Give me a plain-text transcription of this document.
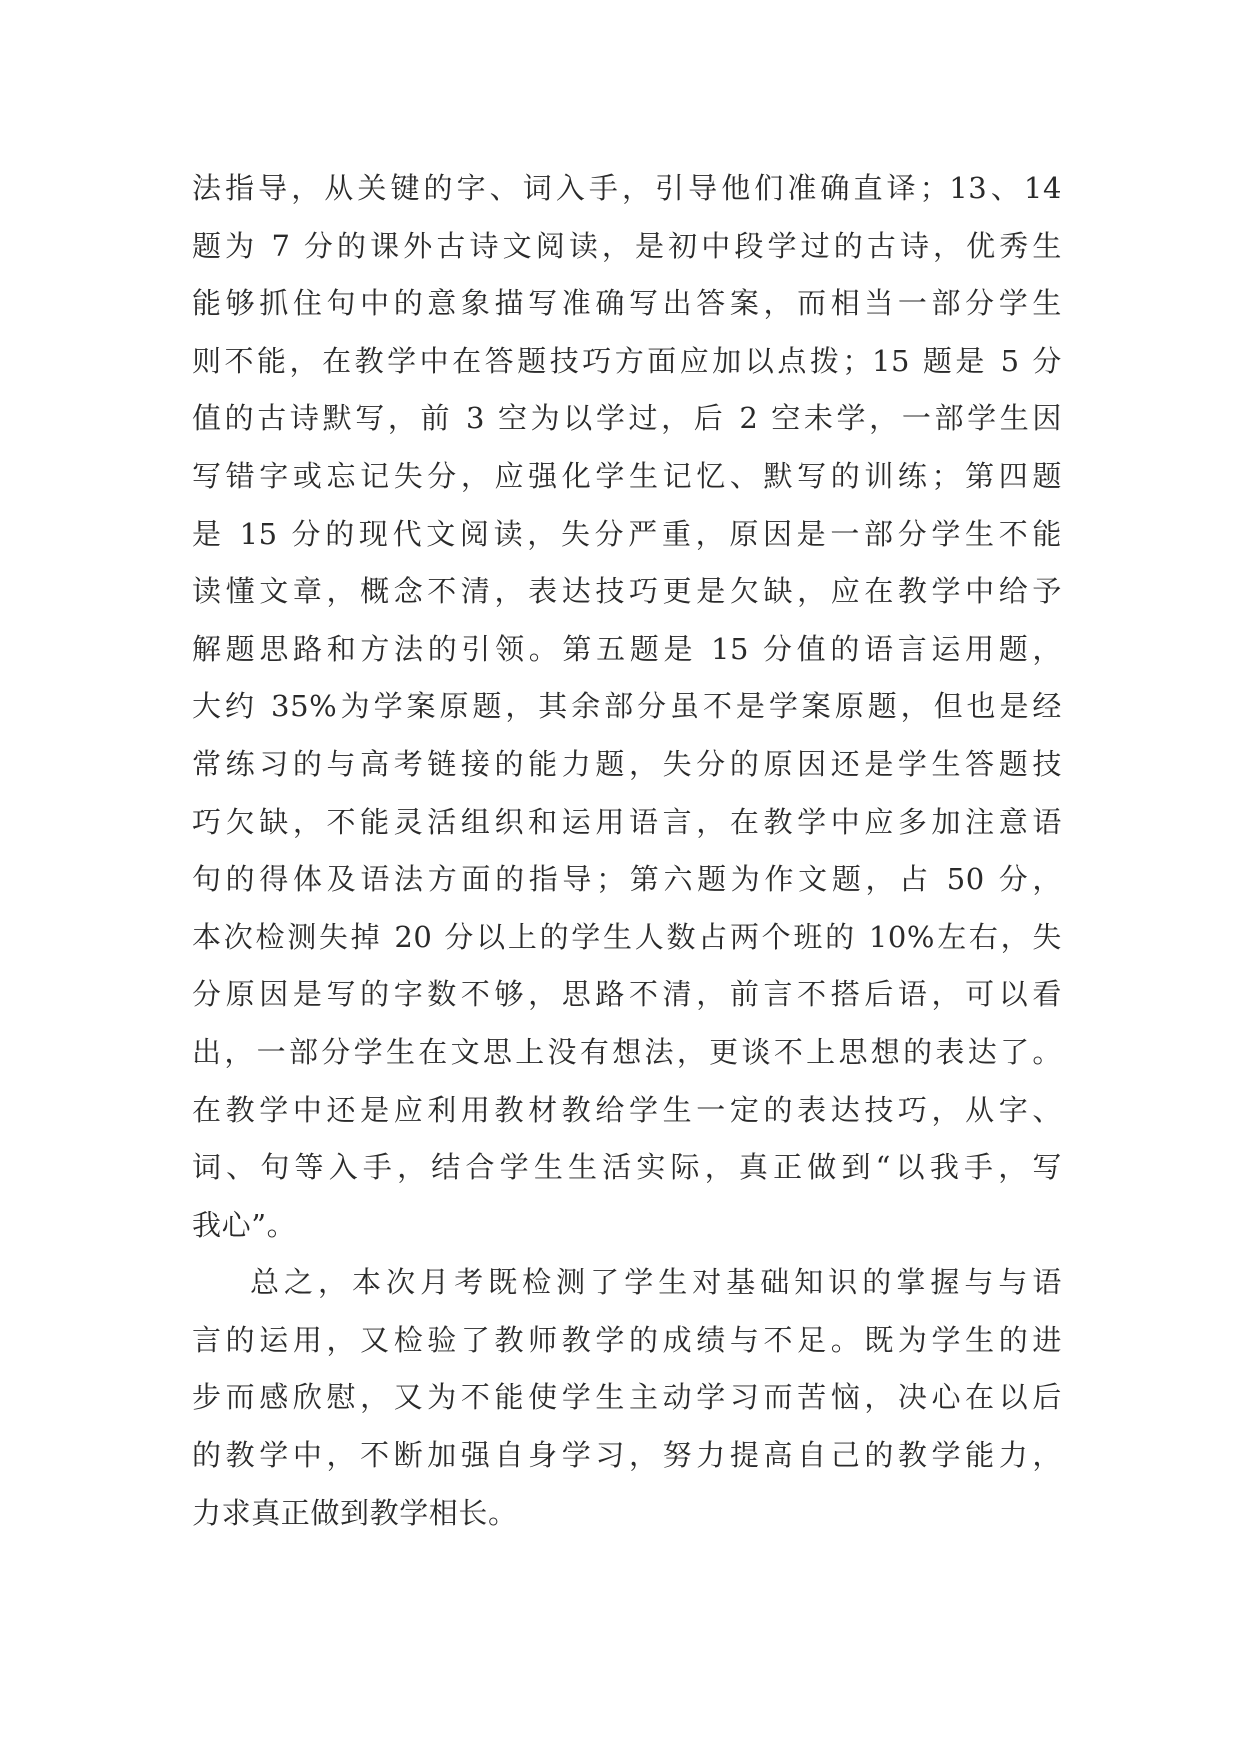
法指导，从关键的字、词入手，引导他们准确直译；13、14
题为 7 分的课外古诗文阅读，是初中段学过的古诗，优秀生
能够抓住句中的意象描写准确写出答案，而相当一部分学生
则不能，在教学中在答题技巧方面应加以点拨；15 题是 5 分
值的古诗默写，前 3 空为以学过，后 2 空未学，一部学生因
写错字或忘记失分，应强化学生记忆、默写的训练；第四题
是 15 分的现代文阅读，失分严重，原因是一部分学生不能
读懂文章，概念不清，表达技巧更是欠缺，应在教学中给予
解题思路和方法的引领。第五题是 15 分值的语言运用题，
大约 35%为学案原题，其余部分虽不是学案原题，但也是经
常练习的与高考链接的能力题，失分的原因还是学生答题技
巧欠缺，不能灵活组织和运用语言，在教学中应多加注意语
句的得体及语法方面的指导；第六题为作文题，占 50 分，
本次检测失掉 20 分以上的学生人数占两个班的 10%左右，失
分原因是写的字数不够，思路不清，前言不搭后语，可以看
出，一部分学生在文思上没有想法，更谈不上思想的表达了。
在教学中还是应利用教材教给学生一定的表达技巧，从字、
词、句等入手，结合学生生活实际，真正做到“以我手，写
我心”。
总之，本次月考既检测了学生对基础知识的掌握与与语
言的运用，又检验了教师教学的成绩与不足。既为学生的进
步而感欣慰，又为不能使学生主动学习而苦恼，决心在以后
的教学中，不断加强自身学习，努力提高自己的教学能力，
力求真正做到教学相长。
